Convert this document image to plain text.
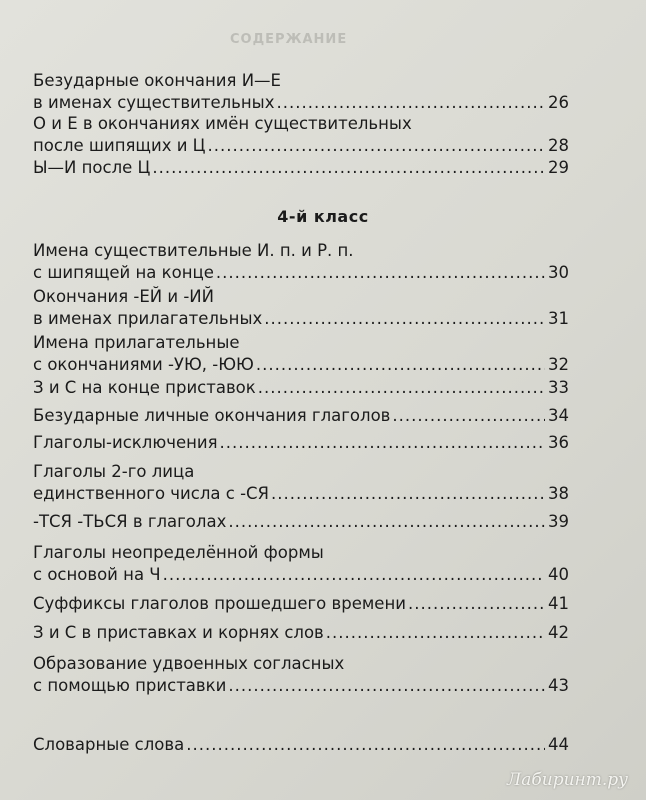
СОДЕРЖАНИЕ
Безударные окончания И—Е
в именах существительных .....	26
О и Е в окончаниях имён существительных
после шипящих и Ц .....	28
Ы—И после Ц .....	29
4-й класс
Имена существительные И. п. и Р. п.
с шипящей на конце .....	30
Окончания -ЕЙ и -ИЙ
в именах прилагательных .....	31
Имена прилагательные
с окончаниями -УЮ, -ЮЮ .....	32
З и С на конце приставок .....	33
Безударные личные окончания глаголов .....	34
Глаголы-исключения .....	36
Глаголы 2-го лица
единственного числа с -СЯ .....	38
-ТСЯ -ТЬСЯ в глаголах .....	39
Глаголы неопределённой формы
с основой на Ч .....	40
Суффиксы глаголов прошедшего времени .....	41
З и С в приставках и корнях слов .....	42
Образование удвоенных согласных
с помощью приставки .....	43
Словарные слова .....	44
Лабиринт.ру
